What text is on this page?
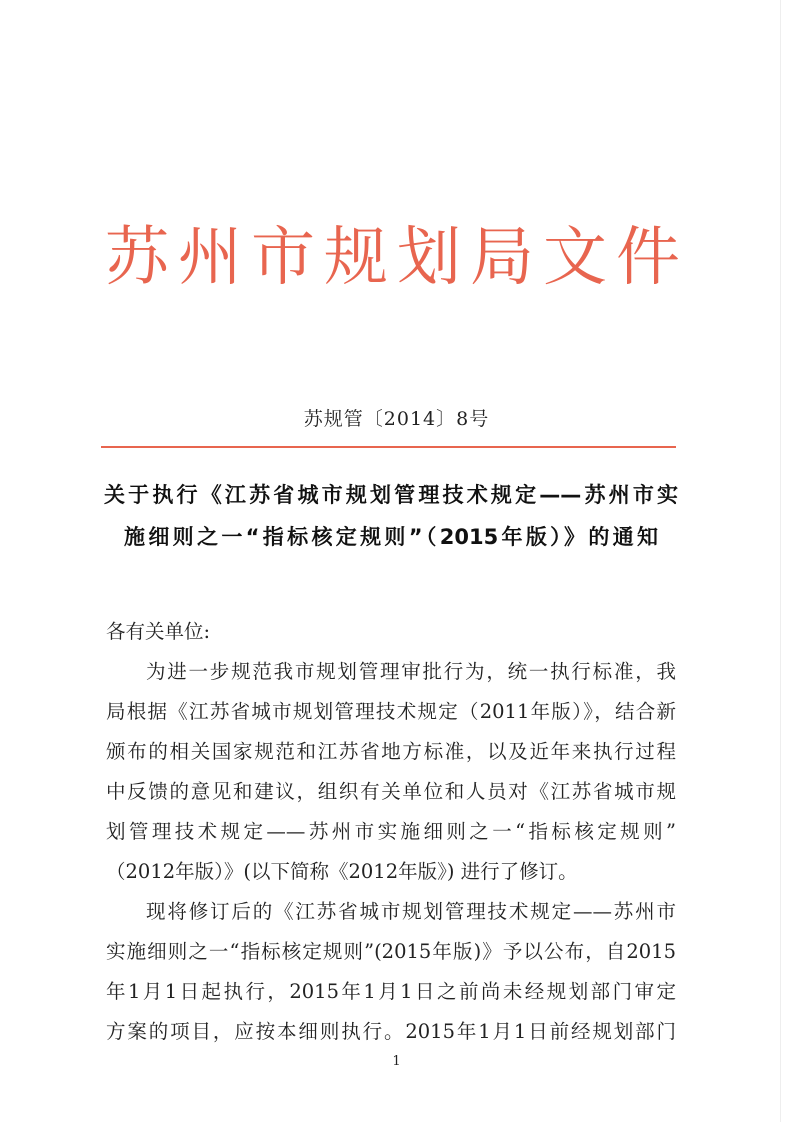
苏州市规划局文件
苏规管〔2014〕8号
关于执行《江苏省城市规划管理技术规定——苏州市实
施细则之一“指标核定规则”（2015年版）》的通知
各有关单位:
为进一步规范我市规划管理审批行为，统一执行标准，我
局根据《江苏省城市规划管理技术规定（2011年版）》，结合新
颁布的相关国家规范和江苏省地方标准，以及近年来执行过程
中反馈的意见和建议，组织有关单位和人员对《江苏省城市规
划管理技术规定——苏州市实施细则之一“指标核定规则”
（2012年版）》(以下简称《2012年版》) 进行了修订。
现将修订后的《江苏省城市规划管理技术规定——苏州市
实施细则之一“指标核定规则”(2015年版)》予以公布，自2015
年1月1日起执行，2015年1月1日之前尚未经规划部门审定
方案的项目，应按本细则执行。2015年1月1日前经规划部门
1
